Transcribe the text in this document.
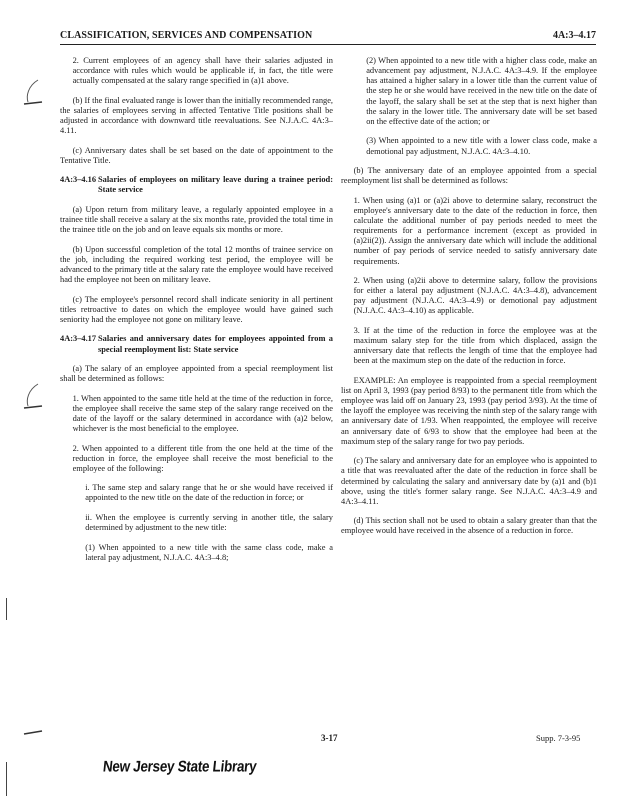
CLASSIFICATION, SERVICES AND COMPENSATION	4A:3–4.17

2. Current employees of an agency shall have their salaries adjusted in accordance with rules which would be applicable if, in fact, the title were actually compensated at the salary range specified in (a)1 above.

(b) If the final evaluated range is lower than the initially recommended range, the salaries of employees serving in affected Tentative Title positions shall be adjusted in accordance with downward title reevaluations. See N.J.A.C. 4A:3–4.11.

(c) Anniversary dates shall be set based on the date of appointment to the Tentative Title.

4A:3–4.16 Salaries of employees on military leave during a trainee period: State service

(a) Upon return from military leave, a regularly appointed employee in a trainee title shall receive a salary at the six months rate, provided the total time in the trainee title on the job and on leave equals six months or more.

(b) Upon successful completion of the total 12 months of trainee service on the job, including the required working test period, the employee will be advanced to the primary title at the salary rate the employee would have received had the employee not been on military leave.

(c) The employee's personnel record shall indicate seniority in all pertinent titles retroactive to dates on which the employee would have gained such seniority had the employee not gone on military leave.

4A:3–4.17 Salaries and anniversary dates for employees appointed from a special reemployment list: State service

(a) The salary of an employee appointed from a special reemployment list shall be determined as follows:

1. When appointed to the same title held at the time of the reduction in force, the employee shall receive the same step of the salary range received on the date of the layoff or the salary determined in accordance with (a)2 below, whichever is the most beneficial to the employee.

2. When appointed to a different title from the one held at the time of the reduction in force, the employee shall receive the most beneficial to the employee of the following:

i. The same step and salary range that he or she would have received if appointed to the new title on the date of the reduction in force; or

ii. When the employee is currently serving in another title, the salary determined by adjustment to the new title:

(1) When appointed to a new title with the same class code, make a lateral pay adjustment, N.J.A.C. 4A:3–4.8;

(2) When appointed to a new title with a higher class code, make an advancement pay adjustment, N.J.A.C. 4A:3–4.9. If the employee has attained a higher salary in a lower title than the current value of the step he or she would have received in the new title on the date of the layoff, the salary shall be set at the step that is next higher than the salary in the lower title. The anniversary date will be set based on the effective date of the action; or

(3) When appointed to a new title with a lower class code, make a demotional pay adjustment, N.J.A.C. 4A:3–4.10.

(b) The anniversary date of an employee appointed from a special reemployment list shall be determined as follows:

1. When using (a)1 or (a)2i above to determine salary, reconstruct the employee's anniversary date to the date of the reduction in force, then calculate the additional number of pay periods needed to meet the requirements for a performance increment (except as provided in (a)2ii(2)). Assign the anniversary date which will include the additional number of pay periods of service needed to satisfy anniversary date requirements.

2. When using (a)2ii above to determine salary, follow the provisions for either a lateral pay adjustment (N.J.A.C. 4A:3–4.8), advancement pay adjustment (N.J.A.C. 4A:3–4.9) or demotional pay adjustment (N.J.A.C. 4A:3–4.10) as applicable.

3. If at the time of the reduction in force the employee was at the maximum salary step for the title from which displaced, assign the anniversary date that reflects the length of time that the employee had been at the maximum step on the date of the reduction in force.

EXAMPLE: An employee is reappointed from a special reemployment list on April 3, 1993 (pay period 8/93) to the permanent title from which the employee was laid off on January 23, 1993 (pay period 3/93). At the time of the layoff the employee was receiving the ninth step of the salary range with an anniversary date of 1/93. When reappointed, the employee will receive an anniversary date of 6/93 to show that the employee had been at the maximum step of the salary range for two pay periods.

(c) The salary and anniversary date for an employee who is appointed to a title that was reevaluated after the date of the reduction in force shall be determined by calculating the salary and anniversary date by (a)1 and (b)1 above, using the title's former salary range. See N.J.A.C. 4A:3–4.9 and 4A:3–4.11.

(d) This section shall not be used to obtain a salary greater than that the employee would have received in the absence of a reduction in force.

3-17	Supp. 7-3-95
New Jersey State Library
